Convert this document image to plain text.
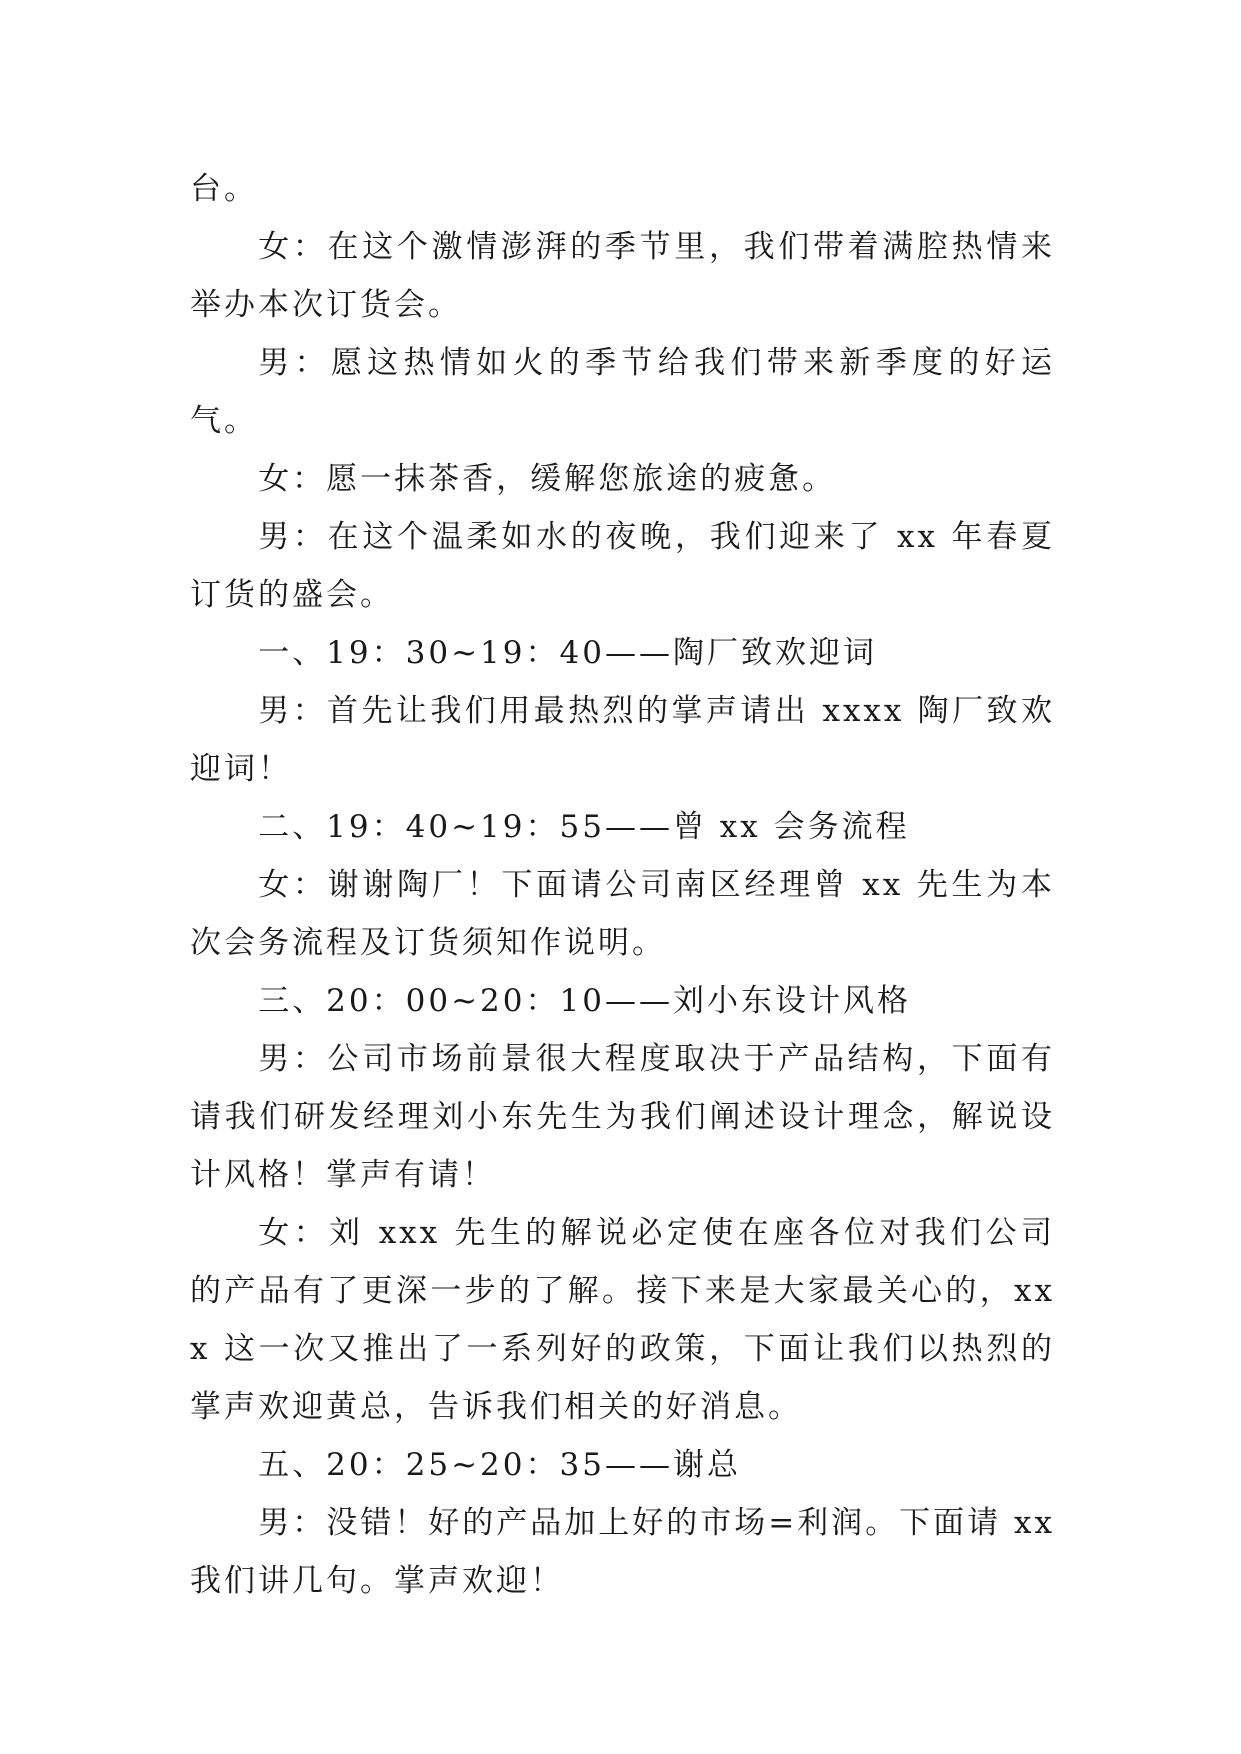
台。

女：在这个激情澎湃的季节里，我们带着满腔热情来举办本次订货会。

男：愿这热情如火的季节给我们带来新季度的好运气。

女：愿一抹茶香，缓解您旅途的疲惫。

男：在这个温柔如水的夜晚，我们迎来了 xx 年春夏订货的盛会。

一、19：30~19：40——陶厂致欢迎词

男：首先让我们用最热烈的掌声请出 xxxx 陶厂致欢迎词！

二、19：40~19：55——曾 xx 会务流程

女：谢谢陶厂！下面请公司南区经理曾 xx 先生为本次会务流程及订货须知作说明。

三、20：00~20：10——刘小东设计风格

男：公司市场前景很大程度取决于产品结构，下面有请我们研发经理刘小东先生为我们阐述设计理念，解说设计风格！掌声有请！

女：刘 xxx 先生的解说必定使在座各位对我们公司的产品有了更深一步的了解。接下来是大家最关心的，xxx 这一次又推出了一系列好的政策，下面让我们以热烈的掌声欢迎黄总，告诉我们相关的好消息。

五、20：25~20：35——谢总

男：没错！好的产品加上好的市场=利润。下面请 xx 我们讲几句。掌声欢迎！
